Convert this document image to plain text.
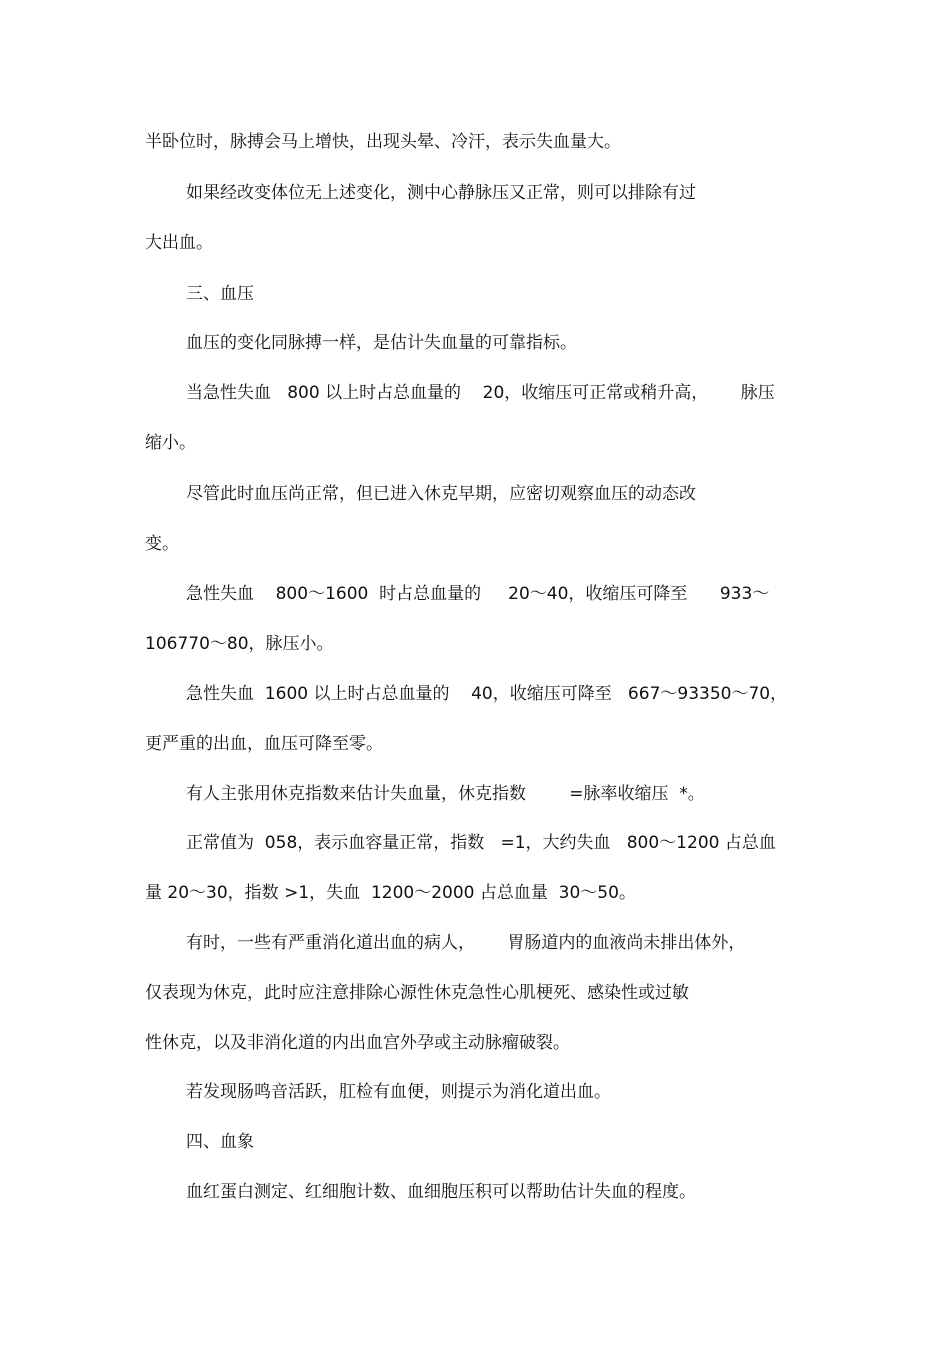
半卧位时，脉搏会马上增快，出现头晕、冷汗，表示失血量大。

如果经改变体位无上述变化，测中心静脉压又正常，则可以排除有过

大出血。

三、血压

血压的变化同脉搏一样，是估计失血量的可靠指标。

当急性失血   800 以上时占总血量的    20，收缩压可正常或稍升高，      脉压

缩小。

尽管此时血压尚正常，但已进入休克早期，应密切观察血压的动态改

变。

急性失血    800～1600  时占总血量的     20～40，收缩压可降至      933～

106770～80，脉压小。

急性失血  1600 以上时占总血量的    40，收缩压可降至   667～93350～70，

更严重的出血，血压可降至零。

有人主张用休克指数来估计失血量，休克指数        =脉率收缩压  *。

正常值为  058，表示血容量正常，指数   =1，大约失血   800～1200 占总血

量 20～30，指数 >1，失血  1200～2000 占总血量  30～50。

有时，一些有严重消化道出血的病人，      胃肠道内的血液尚未排出体外，

仅表现为休克，此时应注意排除心源性休克急性心肌梗死、感染性或过敏

性休克，以及非消化道的内出血宫外孕或主动脉瘤破裂。

若发现肠鸣音活跃，肛检有血便，则提示为消化道出血。

四、血象

血红蛋白测定、红细胞计数、血细胞压积可以帮助估计失血的程度。
